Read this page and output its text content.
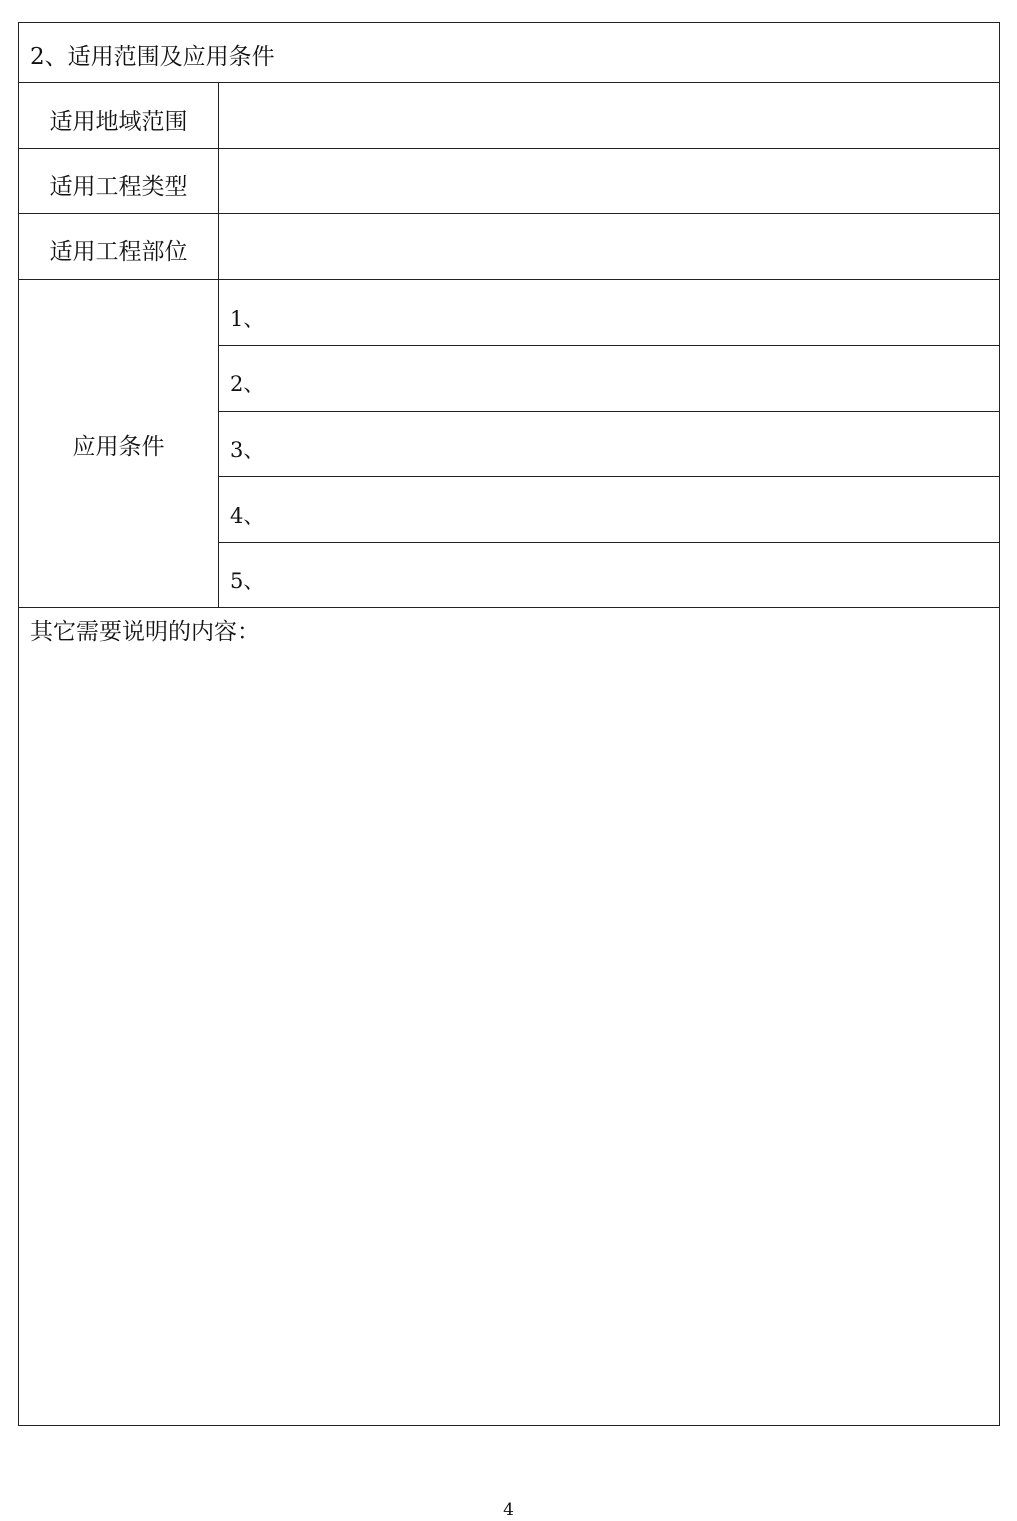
2、适用范围及应用条件
适用地域范围
适用工程类型
适用工程部位
应用条件
1、
2、
3、
4、
5、
其它需要说明的内容：
4
